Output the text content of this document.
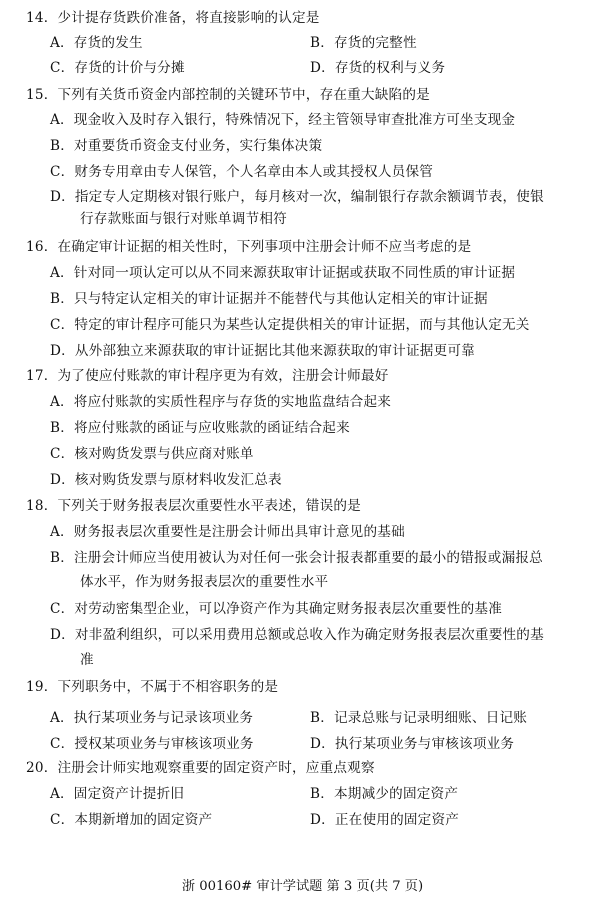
14．少计提存货跌价准备，将直接影响的认定是
A．存货的发生	B．存货的完整性
C．存货的计价与分摊	D．存货的权利与义务
15．下列有关货币资金内部控制的关键环节中，存在重大缺陷的是
A．现金收入及时存入银行，特殊情况下，经主管领导审查批准方可坐支现金
B．对重要货币资金支付业务，实行集体决策
C．财务专用章由专人保管，个人名章由本人或其授权人员保管
D．指定专人定期核对银行账户，每月核对一次，编制银行存款余额调节表，使银
行存款账面与银行对账单调节相符
16．在确定审计证据的相关性时，下列事项中注册会计师不应当考虑的是
A．针对同一项认定可以从不同来源获取审计证据或获取不同性质的审计证据
B．只与特定认定相关的审计证据并不能替代与其他认定相关的审计证据
C．特定的审计程序可能只为某些认定提供相关的审计证据，而与其他认定无关
D．从外部独立来源获取的审计证据比其他来源获取的审计证据更可靠
17．为了使应付账款的审计程序更为有效，注册会计师最好
A．将应付账款的实质性程序与存货的实地监盘结合起来
B．将应付账款的函证与应收账款的函证结合起来
C．核对购货发票与供应商对账单
D．核对购货发票与原材料收发汇总表
18．下列关于财务报表层次重要性水平表述，错误的是
A．财务报表层次重要性是注册会计师出具审计意见的基础
B．注册会计师应当使用被认为对任何一张会计报表都重要的最小的错报或漏报总
体水平，作为财务报表层次的重要性水平
C．对劳动密集型企业，可以净资产作为其确定财务报表层次重要性的基准
D．对非盈利组织，可以采用费用总额或总收入作为确定财务报表层次重要性的基
准
19．下列职务中，不属于不相容职务的是
A．执行某项业务与记录该项业务	B．记录总账与记录明细账、日记账
C．授权某项业务与审核该项业务	D．执行某项业务与审核该项业务
20．注册会计师实地观察重要的固定资产时，应重点观察
A．固定资产计提折旧	B．本期减少的固定资产
C．本期新增加的固定资产	D．正在使用的固定资产
浙 00160# 审计学试题 第 3 页(共 7 页)
